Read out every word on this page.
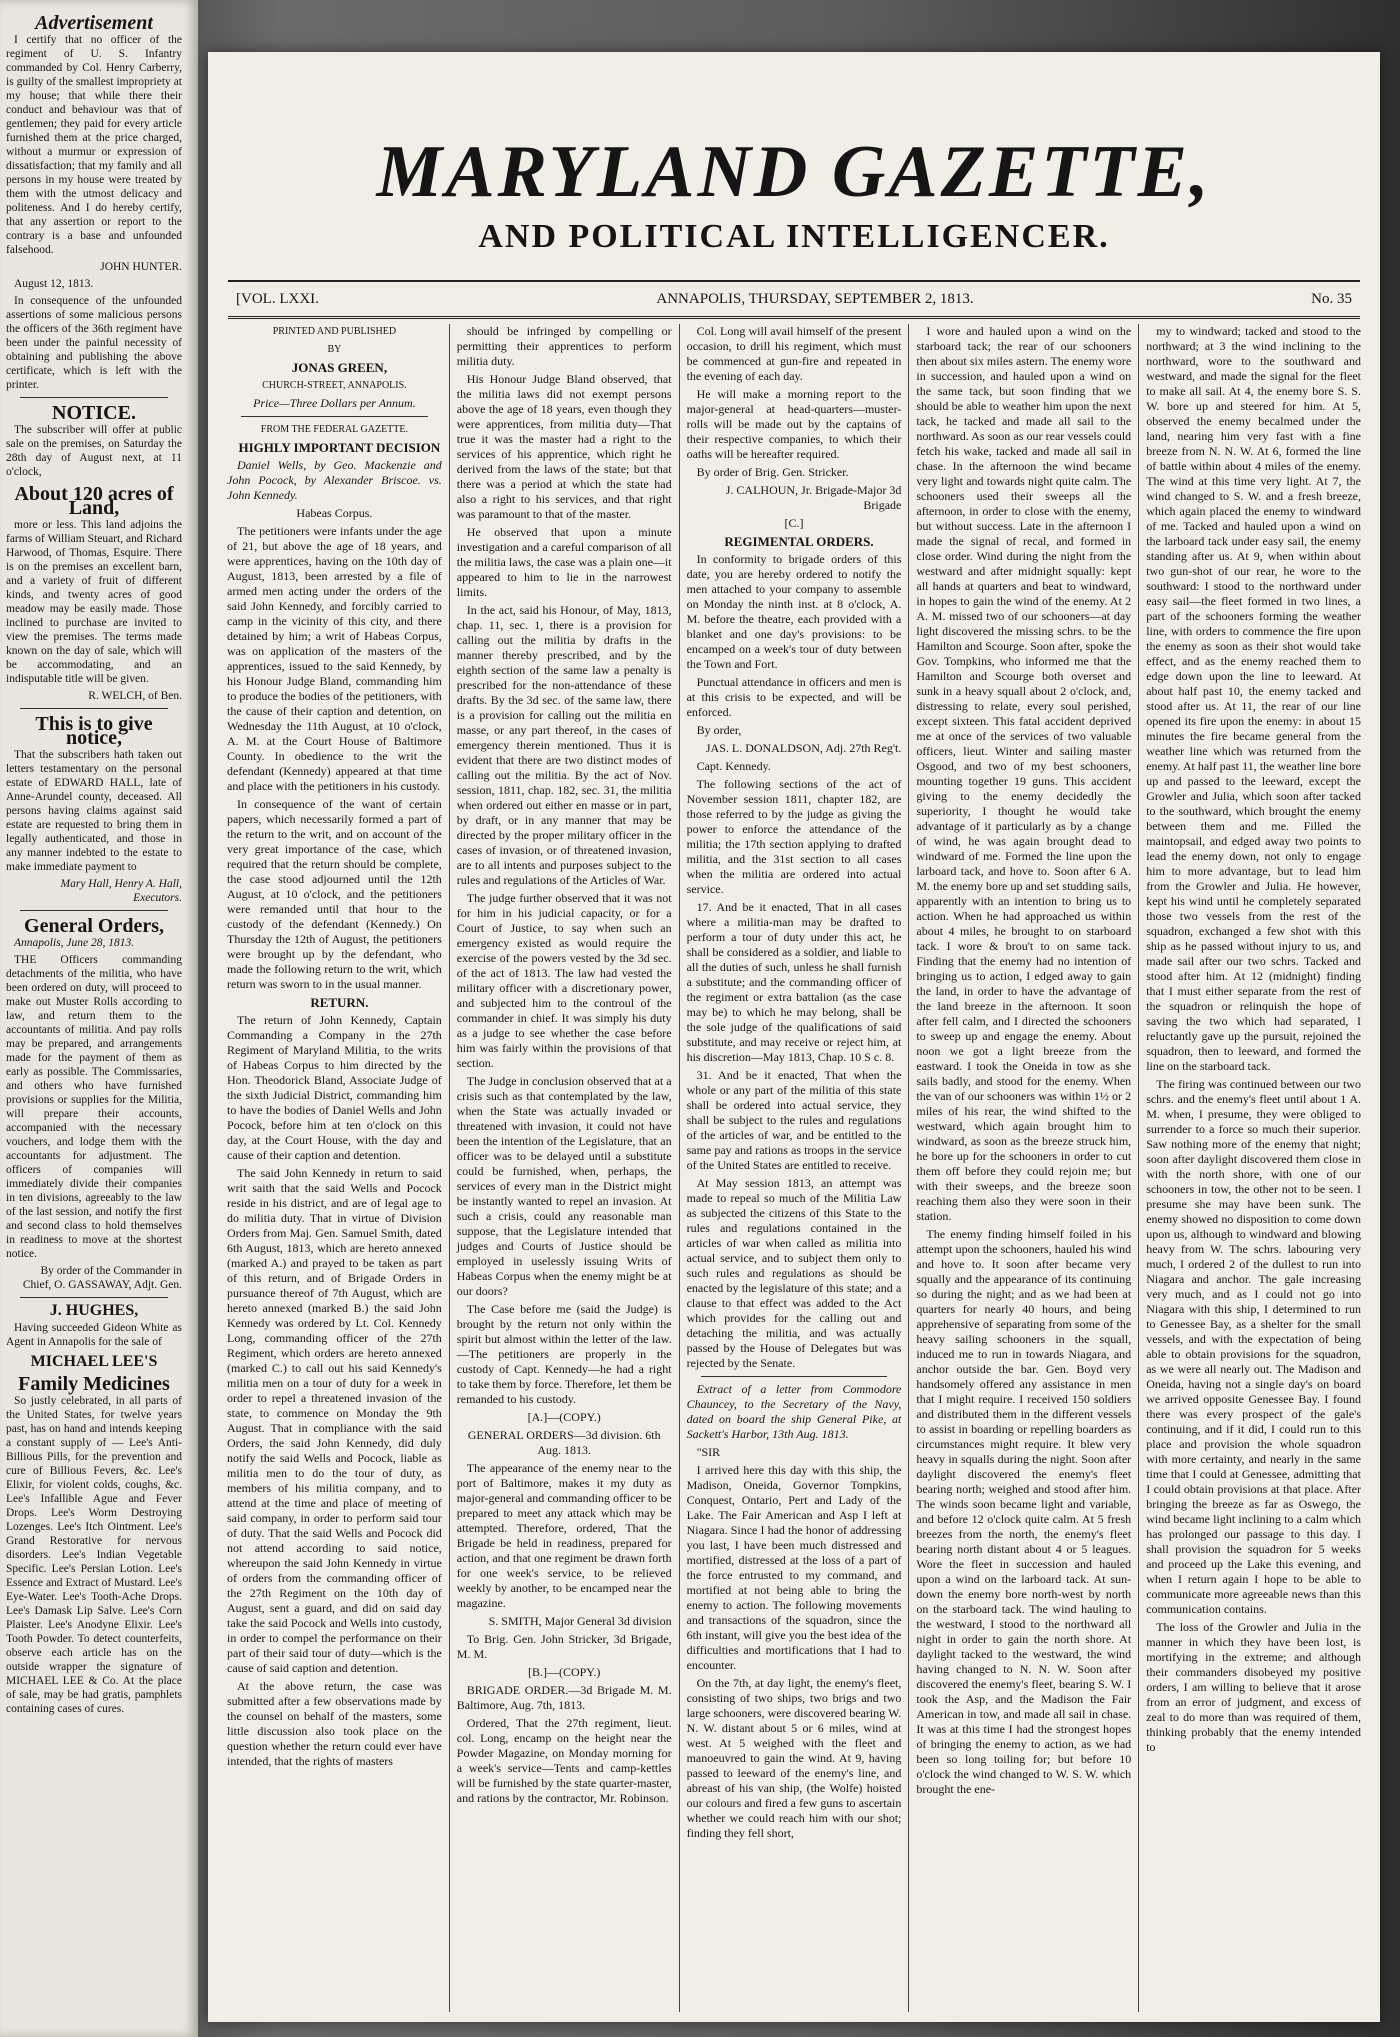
Advertisement

I certify that no officer of the regiment of U. S. Infantry commanded by Col. Henry Carberry, is guilty of the smallest impropriety at my house; that while there their conduct and behaviour was that of gentlemen; they paid for every article furnished them at the price charged, without a murmur or expression of dissatisfaction; that my family and all persons in my house were treated by them with the utmost delicacy and politeness. And I do hereby certify, that any assertion or report to the contrary is a base and unfounded falsehood.

JOHN HUNTER.

August 12, 1813.

In consequence of the unfounded assertions of some malicious persons the officers of the 36th regiment have been under the painful necessity of obtaining and publishing the above certificate, which is left with the printer.

NOTICE.

The subscriber will offer at public sale on the premises, on Saturday the 28th day of August next, at 11 o'clock,

About 120 acres of Land,

more or less. This land adjoins the farms of William Steuart, and Richard Harwood, of Thomas, Esquire. There is on the premises an excellent barn, and a variety of fruit of different kinds, and twenty acres of good meadow may be easily made. Those inclined to purchase are invited to view the premises. The terms made known on the day of sale, which will be accommodating, and an indisputable title will be given.

R. WELCH, of Ben.

This is to give notice,

That the subscribers hath taken out letters testamentary on the personal estate of EDWARD HALL, late of Anne-Arundel county, deceased. All persons having claims against said estate are requested to bring them in legally authenticated, and those in any manner indebted to the estate to make immediate payment to

Mary Hall, Henry A. Hall, Executors.

General Orders,

Annapolis, June 28, 1813.

THE Officers commanding detachments of the militia, who have been ordered on duty, will proceed to make out Muster Rolls according to law, and return them to the accountants of militia. And pay rolls may be prepared, and arrangements made for the payment of them as early as possible. The Commissaries, and others who have furnished provisions or supplies for the Militia, will prepare their accounts, accompanied with the necessary vouchers, and lodge them with the accountants for adjustment. The officers of companies will immediately divide their companies in ten divisions, agreeably to the law of the last session, and notify the first and second class to hold themselves in readiness to move at the shortest notice.

By order of the Commander in Chief, O. GASSAWAY, Adjt. Gen.

J. HUGHES,

Having succeeded Gideon White as Agent in Annapolis for the sale of

MICHAEL LEE'S

Family Medicines

So justly celebrated, in all parts of the United States, for twelve years past, has on hand and intends keeping a constant supply of — Lee's Anti-Billious Pills, for the prevention and cure of Billious Fevers, &c. Lee's Elixir, for violent colds, coughs, &c. Lee's Infallible Ague and Fever Drops. Lee's Worm Destroying Lozenges. Lee's Itch Ointment. Lee's Grand Restorative for nervous disorders. Lee's Indian Vegetable Specific. Lee's Persian Lotion. Lee's Essence and Extract of Mustard. Lee's Eye-Water. Lee's Tooth-Ache Drops. Lee's Damask Lip Salve. Lee's Corn Plaister. Lee's Anodyne Elixir. Lee's Tooth Powder. To detect counterfeits, observe each article has on the outside wrapper the signature of MICHAEL LEE & Co. At the place of sale, may be had gratis, pamphlets containing cases of cures.

MARYLAND GAZETTE,
AND POLITICAL INTELLIGENCER.
[VOL. LXXI.	ANNAPOLIS, THURSDAY, SEPTEMBER 2, 1813.	No. 35

PRINTED AND PUBLISHED

BY

JONAS GREEN,

CHURCH-STREET, ANNAPOLIS.

Price—Three Dollars per Annum.

FROM THE FEDERAL GAZETTE.

HIGHLY IMPORTANT DECISION

Daniel Wells, by Geo. Mackenzie and John Pocock, by Alexander Briscoe. vs. John Kennedy.

Habeas Corpus.

The petitioners were infants under the age of 21, but above the age of 18 years, and were apprentices, having on the 10th day of August, 1813, been arrested by a file of armed men acting under the orders of the said John Kennedy, and forcibly carried to camp in the vicinity of this city, and there detained by him; a writ of Habeas Corpus, was on application of the masters of the apprentices, issued to the said Kennedy, by his Honour Judge Bland, commanding him to produce the bodies of the petitioners, with the cause of their caption and detention, on Wednesday the 11th August, at 10 o'clock, A. M. at the Court House of Baltimore County. In obedience to the writ the defendant (Kennedy) appeared at that time and place with the petitioners in his custody.

In consequence of the want of certain papers, which necessarily formed a part of the return to the writ, and on account of the very great importance of the case, which required that the return should be complete, the case stood adjourned until the 12th August, at 10 o'clock, and the petitioners were remanded until that hour to the custody of the defendant (Kennedy.) On Thursday the 12th of August, the petitioners were brought up by the defendant, who made the following return to the writ, which return was sworn to in the usual manner.

RETURN.

The return of John Kennedy, Captain Commanding a Company in the 27th Regiment of Maryland Militia, to the writs of Habeas Corpus to him directed by the Hon. Theodorick Bland, Associate Judge of the sixth Judicial District, commanding him to have the bodies of Daniel Wells and John Pocock, before him at ten o'clock on this day, at the Court House, with the day and cause of their caption and detention.

The said John Kennedy in return to said writ saith that the said Wells and Pocock reside in his district, and are of legal age to do militia duty. That in virtue of Division Orders from Maj. Gen. Samuel Smith, dated 6th August, 1813, which are hereto annexed (marked A.) and prayed to be taken as part of this return, and of Brigade Orders in pursuance thereof of 7th August, which are hereto annexed (marked B.) the said John Kennedy was ordered by Lt. Col. Kennedy Long, commanding officer of the 27th Regiment, which orders are hereto annexed (marked C.) to call out his said Kennedy's militia men on a tour of duty for a week in order to repel a threatened invasion of the state, to commence on Monday the 9th August. That in compliance with the said Orders, the said John Kennedy, did duly notify the said Wells and Pocock, liable as militia men to do the tour of duty, as members of his militia company, and to attend at the time and place of meeting of said company, in order to perform said tour of duty. That the said Wells and Pocock did not attend according to said notice, whereupon the said John Kennedy in virtue of orders from the commanding officer of the 27th Regiment on the 10th day of August, sent a guard, and did on said day take the said Pocock and Wells into custody, in order to compel the performance on their part of their said tour of duty—which is the cause of said caption and detention.

At the above return, the case was submitted after a few observations made by the counsel on behalf of the masters, some little discussion also took place on the question whether the return could ever have intended, that the rights of masters

should be infringed by compelling or permitting their apprentices to perform militia duty.

His Honour Judge Bland observed, that the militia laws did not exempt persons above the age of 18 years, even though they were apprentices, from militia duty—That true it was the master had a right to the services of his apprentice, which right he derived from the laws of the state; but that there was a period at which the state had also a right to his services, and that right was paramount to that of the master.

He observed that upon a minute investigation and a careful comparison of all the militia laws, the case was a plain one—it appeared to him to lie in the narrowest limits.

In the act, said his Honour, of May, 1813, chap. 11, sec. 1, there is a provision for calling out the militia by drafts in the manner thereby prescribed, and by the eighth section of the same law a penalty is prescribed for the non-attendance of these drafts. By the 3d sec. of the same law, there is a provision for calling out the militia en masse, or any part thereof, in the cases of emergency therein mentioned. Thus it is evident that there are two distinct modes of calling out the militia. By the act of Nov. session, 1811, chap. 182, sec. 31, the militia when ordered out either en masse or in part, by draft, or in any manner that may be directed by the proper military officer in the cases of invasion, or of threatened invasion, are to all intents and purposes subject to the rules and regulations of the Articles of War.

The judge further observed that it was not for him in his judicial capacity, or for a Court of Justice, to say when such an emergency existed as would require the exercise of the powers vested by the 3d sec. of the act of 1813. The law had vested the military officer with a discretionary power, and subjected him to the controul of the commander in chief. It was simply his duty as a judge to see whether the case before him was fairly within the provisions of that section.

The Judge in conclusion observed that at a crisis such as that contemplated by the law, when the State was actually invaded or threatened with invasion, it could not have been the intention of the Legislature, that an officer was to be delayed until a substitute could be furnished, when, perhaps, the services of every man in the District might be instantly wanted to repel an invasion. At such a crisis, could any reasonable man suppose, that the Legislature intended that judges and Courts of Justice should be employed in uselessly issuing Writs of Habeas Corpus when the enemy might be at our doors?

The Case before me (said the Judge) is brought by the return not only within the spirit but almost within the letter of the law.—The petitioners are properly in the custody of Capt. Kennedy—he had a right to take them by force. Therefore, let them be remanded to his custody.

[A.]—(COPY.)

GENERAL ORDERS—3d division. 6th Aug. 1813.

The appearance of the enemy near to the port of Baltimore, makes it my duty as major-general and commanding officer to be prepared to meet any attack which may be attempted. Therefore, ordered, That the Brigade be held in readiness, prepared for action, and that one regiment be drawn forth for one week's service, to be relieved weekly by another, to be encamped near the magazine.

S. SMITH, Major General 3d division

To Brig. Gen. John Stricker, 3d Brigade, M. M.

[B.]—(COPY.)

BRIGADE ORDER.—3d Brigade M. M. Baltimore, Aug. 7th, 1813.

Ordered, That the 27th regiment, lieut. col. Long, encamp on the height near the Powder Magazine, on Monday morning for a week's service—Tents and camp-kettles will be furnished by the state quarter-master, and rations by the contractor, Mr. Robinson.

Col. Long will avail himself of the present occasion, to drill his regiment, which must be commenced at gun-fire and repeated in the evening of each day.

He will make a morning report to the major-general at head-quarters—muster-rolls will be made out by the captains of their respective companies, to which their oaths will be hereafter required.

By order of Brig. Gen. Stricker.

J. CALHOUN, Jr. Brigade-Major 3d Brigade

[C.]

REGIMENTAL ORDERS.

In conformity to brigade orders of this date, you are hereby ordered to notify the men attached to your company to assemble on Monday the ninth inst. at 8 o'clock, A. M. before the theatre, each provided with a blanket and one day's provisions: to be encamped on a week's tour of duty between the Town and Fort.

Punctual attendance in officers and men is at this crisis to be expected, and will be enforced.

By order,

JAS. L. DONALDSON, Adj. 27th Reg't.

Capt. Kennedy.

The following sections of the act of November session 1811, chapter 182, are those referred to by the judge as giving the power to enforce the attendance of the militia; the 17th section applying to drafted militia, and the 31st section to all cases when the militia are ordered into actual service.

17. And be it enacted, That in all cases where a militia-man may be drafted to perform a tour of duty under this act, he shall be considered as a soldier, and liable to all the duties of such, unless he shall furnish a substitute; and the commanding officer of the regiment or extra battalion (as the case may be) to which he may belong, shall be the sole judge of the qualifications of said substitute, and may receive or reject him, at his discretion—May 1813, Chap. 10 S c. 8.

31. And be it enacted, That when the whole or any part of the militia of this state shall be ordered into actual service, they shall be subject to the rules and regulations of the articles of war, and be entitled to the same pay and rations as troops in the service of the United States are entitled to receive.

At May session 1813, an attempt was made to repeal so much of the Militia Law as subjected the citizens of this State to the rules and regulations contained in the articles of war when called as militia into actual service, and to subject them only to such rules and regulations as should be enacted by the legislature of this state; and a clause to that effect was added to the Act which provides for the calling out and detaching the militia, and was actually passed by the House of Delegates but was rejected by the Senate.

Extract of a letter from Commodore Chauncey, to the Secretary of the Navy, dated on board the ship General Pike, at Sackett's Harbor, 13th Aug. 1813.

"SIR

I arrived here this day with this ship, the Madison, Oneida, Governor Tompkins, Conquest, Ontario, Pert and Lady of the Lake. The Fair American and Asp I left at Niagara. Since I had the honor of addressing you last, I have been much distressed and mortified, distressed at the loss of a part of the force entrusted to my command, and mortified at not being able to bring the enemy to action. The following movements and transactions of the squadron, since the 6th instant, will give you the best idea of the difficulties and mortifications that I had to encounter.

On the 7th, at day light, the enemy's fleet, consisting of two ships, two brigs and two large schooners, were discovered bearing W. N. W. distant about 5 or 6 miles, wind at west. At 5 weighed with the fleet and manoeuvred to gain the wind. At 9, having passed to leeward of the enemy's line, and abreast of his van ship, (the Wolfe) hoisted our colours and fired a few guns to ascertain whether we could reach him with our shot; finding they fell short,

I wore and hauled upon a wind on the starboard tack; the rear of our schooners then about six miles astern. The enemy wore in succession, and hauled upon a wind on the same tack, but soon finding that we should be able to weather him upon the next tack, he tacked and made all sail to the northward. As soon as our rear vessels could fetch his wake, tacked and made all sail in chase. In the afternoon the wind became very light and towards night quite calm. The schooners used their sweeps all the afternoon, in order to close with the enemy, but without success. Late in the afternoon I made the signal of recal, and formed in close order. Wind during the night from the westward and after midnight squally: kept all hands at quarters and beat to windward, in hopes to gain the wind of the enemy. At 2 A. M. missed two of our schooners—at day light discovered the missing schrs. to be the Hamilton and Scourge. Soon after, spoke the Gov. Tompkins, who informed me that the Hamilton and Scourge both overset and sunk in a heavy squall about 2 o'clock, and, distressing to relate, every soul perished, except sixteen. This fatal accident deprived me at once of the services of two valuable officers, lieut. Winter and sailing master Osgood, and two of my best schooners, mounting together 19 guns. This accident giving to the enemy decidedly the superiority, I thought he would take advantage of it particularly as by a change of wind, he was again brought dead to windward of me. Formed the line upon the larboard tack, and hove to. Soon after 6 A. M. the enemy bore up and set studding sails, apparently with an intention to bring us to action. When he had approached us within about 4 miles, he brought to on starboard tack. I wore & brou't to on same tack. Finding that the enemy had no intention of bringing us to action, I edged away to gain the land, in order to have the advantage of the land breeze in the afternoon. It soon after fell calm, and I directed the schooners to sweep up and engage the enemy. About noon we got a light breeze from the eastward. I took the Oneida in tow as she sails badly, and stood for the enemy. When the van of our schooners was within 1½ or 2 miles of his rear, the wind shifted to the westward, which again brought him to windward, as soon as the breeze struck him, he bore up for the schooners in order to cut them off before they could rejoin me; but with their sweeps, and the breeze soon reaching them also they were soon in their station.

The enemy finding himself foiled in his attempt upon the schooners, hauled his wind and hove to. It soon after became very squally and the appearance of its continuing so during the night; and as we had been at quarters for nearly 40 hours, and being apprehensive of separating from some of the heavy sailing schooners in the squall, induced me to run in towards Niagara, and anchor outside the bar. Gen. Boyd very handsomely offered any assistance in men that I might require. I received 150 soldiers and distributed them in the different vessels to assist in boarding or repelling boarders as circumstances might require. It blew very heavy in squalls during the night. Soon after daylight discovered the enemy's fleet bearing north; weighed and stood after him. The winds soon became light and variable, and before 12 o'clock quite calm. At 5 fresh breezes from the north, the enemy's fleet bearing north distant about 4 or 5 leagues. Wore the fleet in succession and hauled upon a wind on the larboard tack. At sun-down the enemy bore north-west by north on the starboard tack. The wind hauling to the westward, I stood to the northward all night in order to gain the north shore. At daylight tacked to the westward, the wind having changed to N. N. W. Soon after discovered the enemy's fleet, bearing S. W. I took the Asp, and the Madison the Fair American in tow, and made all sail in chase. It was at this time I had the strongest hopes of bringing the enemy to action, as we had been so long toiling for; but before 10 o'clock the wind changed to W. S. W. which brought the ene-

my to windward; tacked and stood to the northward; at 3 the wind inclining to the northward, wore to the southward and westward, and made the signal for the fleet to make all sail. At 4, the enemy bore S. S. W. bore up and steered for him. At 5, observed the enemy becalmed under the land, nearing him very fast with a fine breeze from N. N. W. At 6, formed the line of battle within about 4 miles of the enemy. The wind at this time very light. At 7, the wind changed to S. W. and a fresh breeze, which again placed the enemy to windward of me. Tacked and hauled upon a wind on the larboard tack under easy sail, the enemy standing after us. At 9, when within about two gun-shot of our rear, he wore to the southward: I stood to the northward under easy sail—the fleet formed in two lines, a part of the schooners forming the weather line, with orders to commence the fire upon the enemy as soon as their shot would take effect, and as the enemy reached them to edge down upon the line to leeward. At about half past 10, the enemy tacked and stood after us. At 11, the rear of our line opened its fire upon the enemy: in about 15 minutes the fire became general from the weather line which was returned from the enemy. At half past 11, the weather line bore up and passed to the leeward, except the Growler and Julia, which soon after tacked to the southward, which brought the enemy between them and me. Filled the maintopsail, and edged away two points to lead the enemy down, not only to engage him to more advantage, but to lead him from the Growler and Julia. He however, kept his wind until he completely separated those two vessels from the rest of the squadron, exchanged a few shot with this ship as he passed without injury to us, and made sail after our two schrs. Tacked and stood after him. At 12 (midnight) finding that I must either separate from the rest of the squadron or relinquish the hope of saving the two which had separated, I reluctantly gave up the pursuit, rejoined the squadron, then to leeward, and formed the line on the starboard tack.

The firing was continued between our two schrs. and the enemy's fleet until about 1 A. M. when, I presume, they were obliged to surrender to a force so much their superior. Saw nothing more of the enemy that night; soon after daylight discovered them close in with the north shore, with one of our schooners in tow, the other not to be seen. I presume she may have been sunk. The enemy showed no disposition to come down upon us, although to windward and blowing heavy from W. The schrs. labouring very much, I ordered 2 of the dullest to run into Niagara and anchor. The gale increasing very much, and as I could not go into Niagara with this ship, I determined to run to Genessee Bay, as a shelter for the small vessels, and with the expectation of being able to obtain provisions for the squadron, as we were all nearly out. The Madison and Oneida, having not a single day's on board we arrived opposite Genessee Bay. I found there was every prospect of the gale's continuing, and if it did, I could run to this place and provision the whole squadron with more certainty, and nearly in the same time that I could at Genessee, admitting that I could obtain provisions at that place. After bringing the breeze as far as Oswego, the wind became light inclining to a calm which has prolonged our passage to this day. I shall provision the squadron for 5 weeks and proceed up the Lake this evening, and when I return again I hope to be able to communicate more agreeable news than this communication contains.

The loss of the Growler and Julia in the manner in which they have been lost, is mortifying in the extreme; and although their commanders disobeyed my positive orders, I am willing to believe that it arose from an error of judgment, and excess of zeal to do more than was required of them, thinking probably that the enemy intended to
